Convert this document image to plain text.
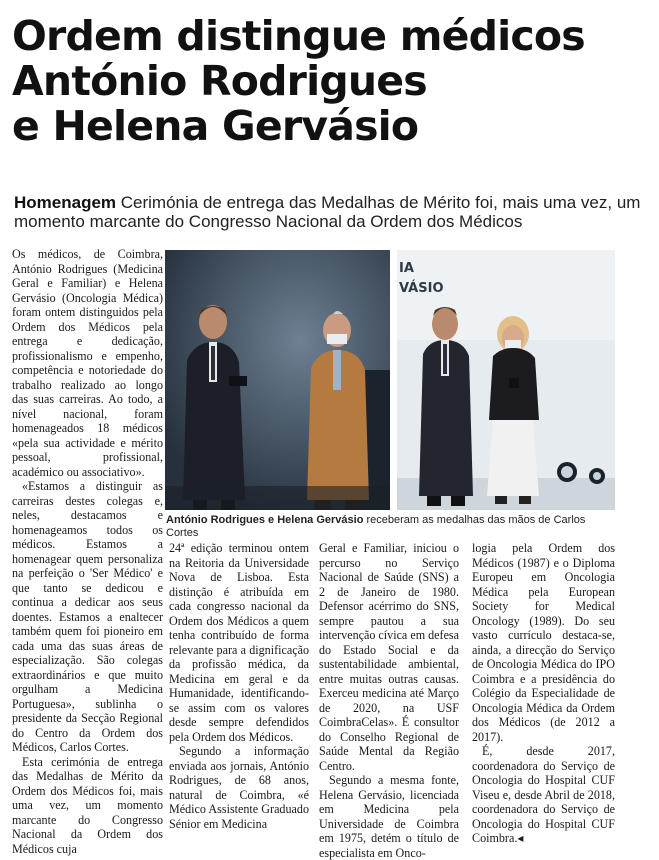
Ordem distingue médicos
António Rodrigues
e Helena Gervásio
Homenagem Cerimónia de entrega das Medalhas de Mérito foi, mais uma vez, um momento marcante do Congresso Nacional da Ordem dos Médicos

Os médicos, de Coimbra, António Rodrigues (Medicina Geral e Familiar) e Helena Gervásio (Oncologia Médica) foram ontem distinguidos pela Ordem dos Médicos pela entrega e dedicação, profissionalismo e empenho, competência e notoriedade do trabalho realizado ao longo das suas carreiras. Ao todo, a nível nacional, foram homenageados 18 médicos «pela sua actividade e mérito pessoal, profissional, académico ou associativo».

«Estamos a distinguir as carreiras destes colegas e, neles, destacamos e homenageamos todos os médicos. Estamos a homenagear quem personaliza na perfeição o 'Ser Médico' e que tanto se dedicou e continua a dedicar aos seus doentes. Estamos a enaltecer também quem foi pioneiro em cada uma das suas áreas de especialização. São colegas extraordinários e que muito orgulham a Medicina Portuguesa», sublinha o presidente da Secção Regional do Centro da Ordem dos Médicos, Carlos Cortes.

Esta cerimónia de entrega das Medalhas de Mérito da Ordem dos Médicos foi, mais uma vez, um momento marcante do Congresso Nacional da Ordem dos Médicos cuja

IA
VÁSIO
António Rodrigues e Helena Gervásio receberam as medalhas das mãos de Carlos Cortes

24ª edição terminou ontem na Reitoria da Universidade Nova de Lisboa. Esta distinção é atribuída em cada congresso nacional da Ordem dos Médicos a quem tenha contribuído de forma relevante para a dignificação da profissão médica, da Medicina em geral e da Humanidade, identificando-se assim com os valores desde sempre defendidos pela Ordem dos Médicos.

Segundo a informação enviada aos jornais, António Rodrigues, de 68 anos, natural de Coimbra, «é Médico Assistente Graduado Sénior em Medicina

Geral e Familiar, iniciou o percurso no Serviço Nacional de Saúde (SNS) a 2 de Janeiro de 1980. Defensor acérrimo do SNS, sempre pautou a sua intervenção cívica em defesa do Estado Social e da sustentabilidade ambiental, entre muitas outras causas. Exerceu medicina até Março de 2020, na USF CoimbraCelas». É consultor do Conselho Regional de Saúde Mental da Região Centro.

Segundo a mesma fonte, Helena Gervásio, licenciada em Medicina pela Universidade de Coimbra em 1975, detém o título de especialista em Onco-

logia pela Ordem dos Médicos (1987) e o Diploma Europeu em Oncologia Médica pela European Society for Medical Oncology (1989). Do seu vasto currículo destaca-se, ainda, a direcção do Serviço de Oncologia Médica do IPO Coimbra e a presidência do Colégio da Especialidade de Oncologia Médica da Ordem dos Médicos (de 2012 a 2017).

É, desde 2017, coordenadora do Serviço de Oncologia do Hospital CUF Viseu e, desde Abril de 2018, coordenadora do Serviço de Oncologia do Hospital CUF Coimbra.◂
